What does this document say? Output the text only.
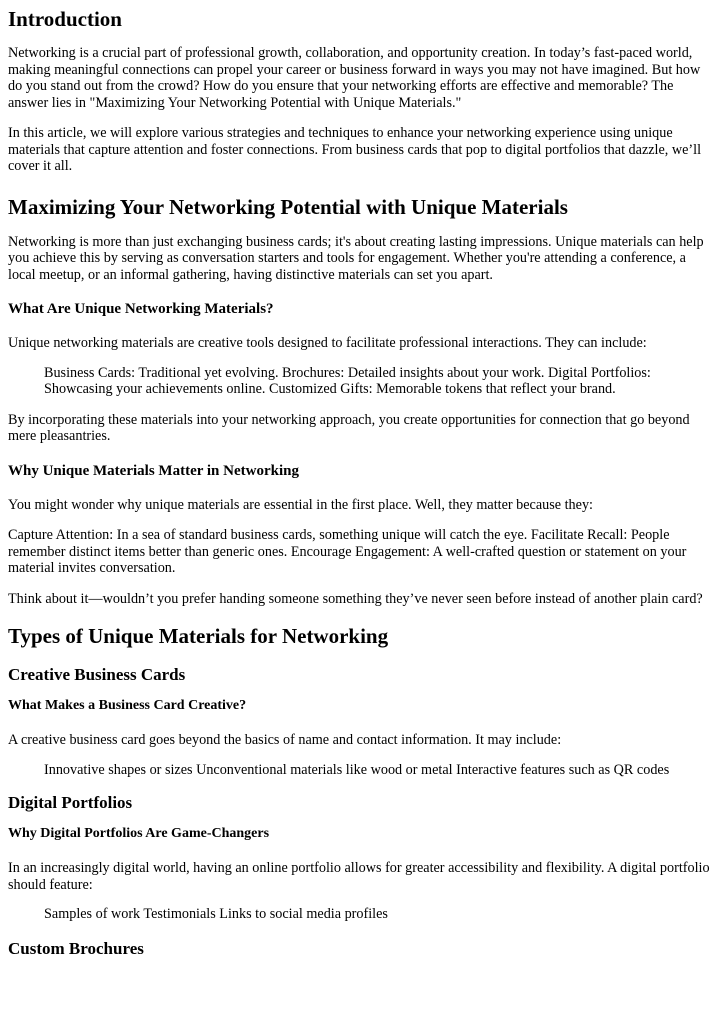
Introduction

Networking is a crucial part of professional growth, collaboration, and opportunity creation. In today’s fast-paced world, making meaningful connections can propel your career or business forward in ways you may not have imagined. But how do you stand out from the crowd? How do you ensure that your networking efforts are effective and memorable? The answer lies in "Maximizing Your Networking Potential with Unique Materials."

In this article, we will explore various strategies and techniques to enhance your networking experience using unique materials that capture attention and foster connections. From business cards that pop to digital portfolios that dazzle, we’ll cover it all.

Maximizing Your Networking Potential with Unique Materials

Networking is more than just exchanging business cards; it's about creating lasting impressions. Unique materials can help you achieve this by serving as conversation starters and tools for engagement. Whether you're attending a conference, a local meetup, or an informal gathering, having distinctive materials can set you apart.

What Are Unique Networking Materials?

Unique networking materials are creative tools designed to facilitate professional interactions. They can include:

Business Cards: Traditional yet evolving. Brochures: Detailed insights about your work. Digital Portfolios: Showcasing your achievements online. Customized Gifts: Memorable tokens that reflect your brand.

By incorporating these materials into your networking approach, you create opportunities for connection that go beyond mere pleasantries.

Why Unique Materials Matter in Networking

You might wonder why unique materials are essential in the first place. Well, they matter because they:

Capture Attention: In a sea of standard business cards, something unique will catch the eye. Facilitate Recall: People remember distinct items better than generic ones. Encourage Engagement: A well-crafted question or statement on your material invites conversation.

Think about it—wouldn’t you prefer handing someone something they’ve never seen before instead of another plain card?

Types of Unique Materials for Networking
Creative Business Cards
What Makes a Business Card Creative?

A creative business card goes beyond the basics of name and contact information. It may include:

Innovative shapes or sizes Unconventional materials like wood or metal Interactive features such as QR codes

Digital Portfolios
Why Digital Portfolios Are Game-Changers

In an increasingly digital world, having an online portfolio allows for greater accessibility and flexibility. A digital portfolio should feature:

Samples of work Testimonials Links to social media profiles

Custom Brochures
